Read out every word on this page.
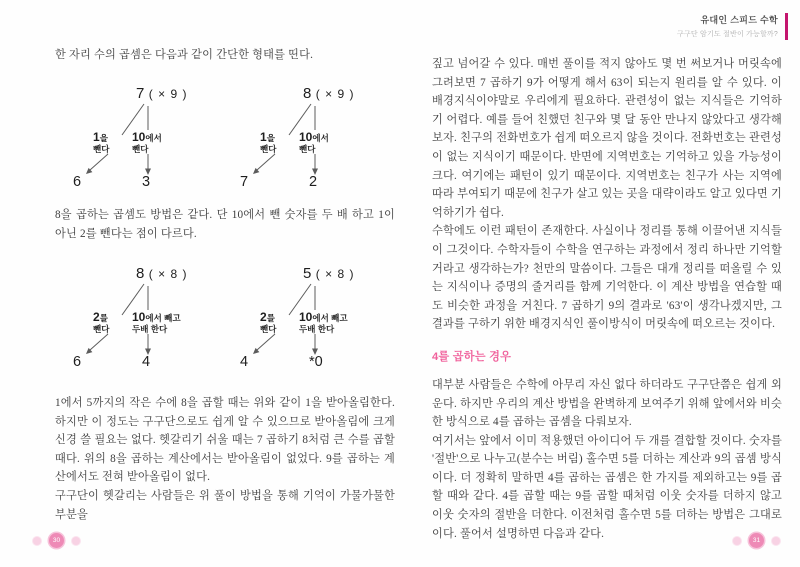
한 자리 수의 곱셈은 다음과 같이 간단한 형태를 띤다.
7 ( × 9 )
1을
뺀다
10에서
뺀다
6	3
8 ( × 9 )
1을
뺀다
10에서
뺀다
7	2
8을 곱하는 곱셈도 방법은 같다. 단 10에서 뺀 숫자를 두 배 하고 1이 아닌 2를 뺀다는 점이 다르다.
8 ( × 8 )
2를
뺀다
10에서 빼고
두배 한다
6	4
5 ( × 8 )
2를
뺀다
10에서 빼고
두배 한다
4	*0

1에서 5까지의 작은 수에 8을 곱할 때는 위와 같이 1을 받아올림한다. 하지만 이 정도는 구구단으로도 쉽게 알 수 있으므로 받아올림에 크게 신경 쓸 필요는 없다. 헷갈리기 쉬울 때는 7 곱하기 8처럼 큰 수를 곱할 때다. 위의 8을 곱하는 계산에서는 받아올림이 없었다. 9를 곱하는 계산에서도 전혀 받아올림이 없다.

구구단이 헷갈리는 사람들은 위 풀이 방법을 통해 기억이 가물가물한 부분을

30
유대인 스피드 수학
구구단 암기도 절반이 가능할까?

짚고 넘어갈 수 있다. 매번 풀이를 적지 않아도 몇 번 써보거나 머릿속에 그려보면 7 곱하기 9가 어떻게 해서 63이 되는지 원리를 알 수 있다. 이 배경지식이야말로 우리에게 필요하다. 관련성이 없는 지식들은 기억하기 어렵다. 예를 들어 친했던 친구와 몇 달 동안 만나지 않았다고 생각해보자. 친구의 전화번호가 쉽게 떠오르지 않을 것이다. 전화번호는 관련성이 없는 지식이기 때문이다. 반면에 지역번호는 기억하고 있을 가능성이 크다. 여기에는 패턴이 있기 때문이다. 지역번호는 친구가 사는 지역에 따라 부여되기 때문에 친구가 살고 있는 곳을 대략이라도 알고 있다면 기억하기가 쉽다.

수학에도 이런 패턴이 존재한다. 사실이나 정리를 통해 이끌어낸 지식들이 그것이다. 수학자들이 수학을 연구하는 과정에서 정리 하나만 기억할 거라고 생각하는가? 천만의 말씀이다. 그들은 대개 정리를 떠올릴 수 있는 지식이나 증명의 줄거리를 함께 기억한다. 이 계산 방법을 연습할 때도 비슷한 과정을 거친다. 7 곱하기 9의 결과로 '63'이 생각나겠지만, 그 결과를 구하기 위한 배경지식인 풀이방식이 머릿속에 떠오르는 것이다.

4를 곱하는 경우

대부분 사람들은 수학에 아무리 자신 없다 하더라도 구구단쯤은 쉽게 외운다. 하지만 우리의 계산 방법을 완벽하게 보여주기 위해 앞에서와 비슷한 방식으로 4를 곱하는 곱셈을 다뤄보자.

여기서는 앞에서 이미 적용했던 아이디어 두 개를 결합할 것이다. 숫자를 '절반'으로 나누고(분수는 버림) 홀수면 5를 더하는 계산과 9의 곱셈 방식이다. 더 정확히 말하면 4를 곱하는 곱셈은 한 가지를 제외하고는 9를 곱할 때와 같다. 4를 곱할 때는 9를 곱할 때처럼 이웃 숫자를 더하지 않고 이웃 숫자의 절반을 더한다. 이전처럼 홀수면 5를 더하는 방법은 그대로이다. 풀어서 설명하면 다음과 같다.

31
